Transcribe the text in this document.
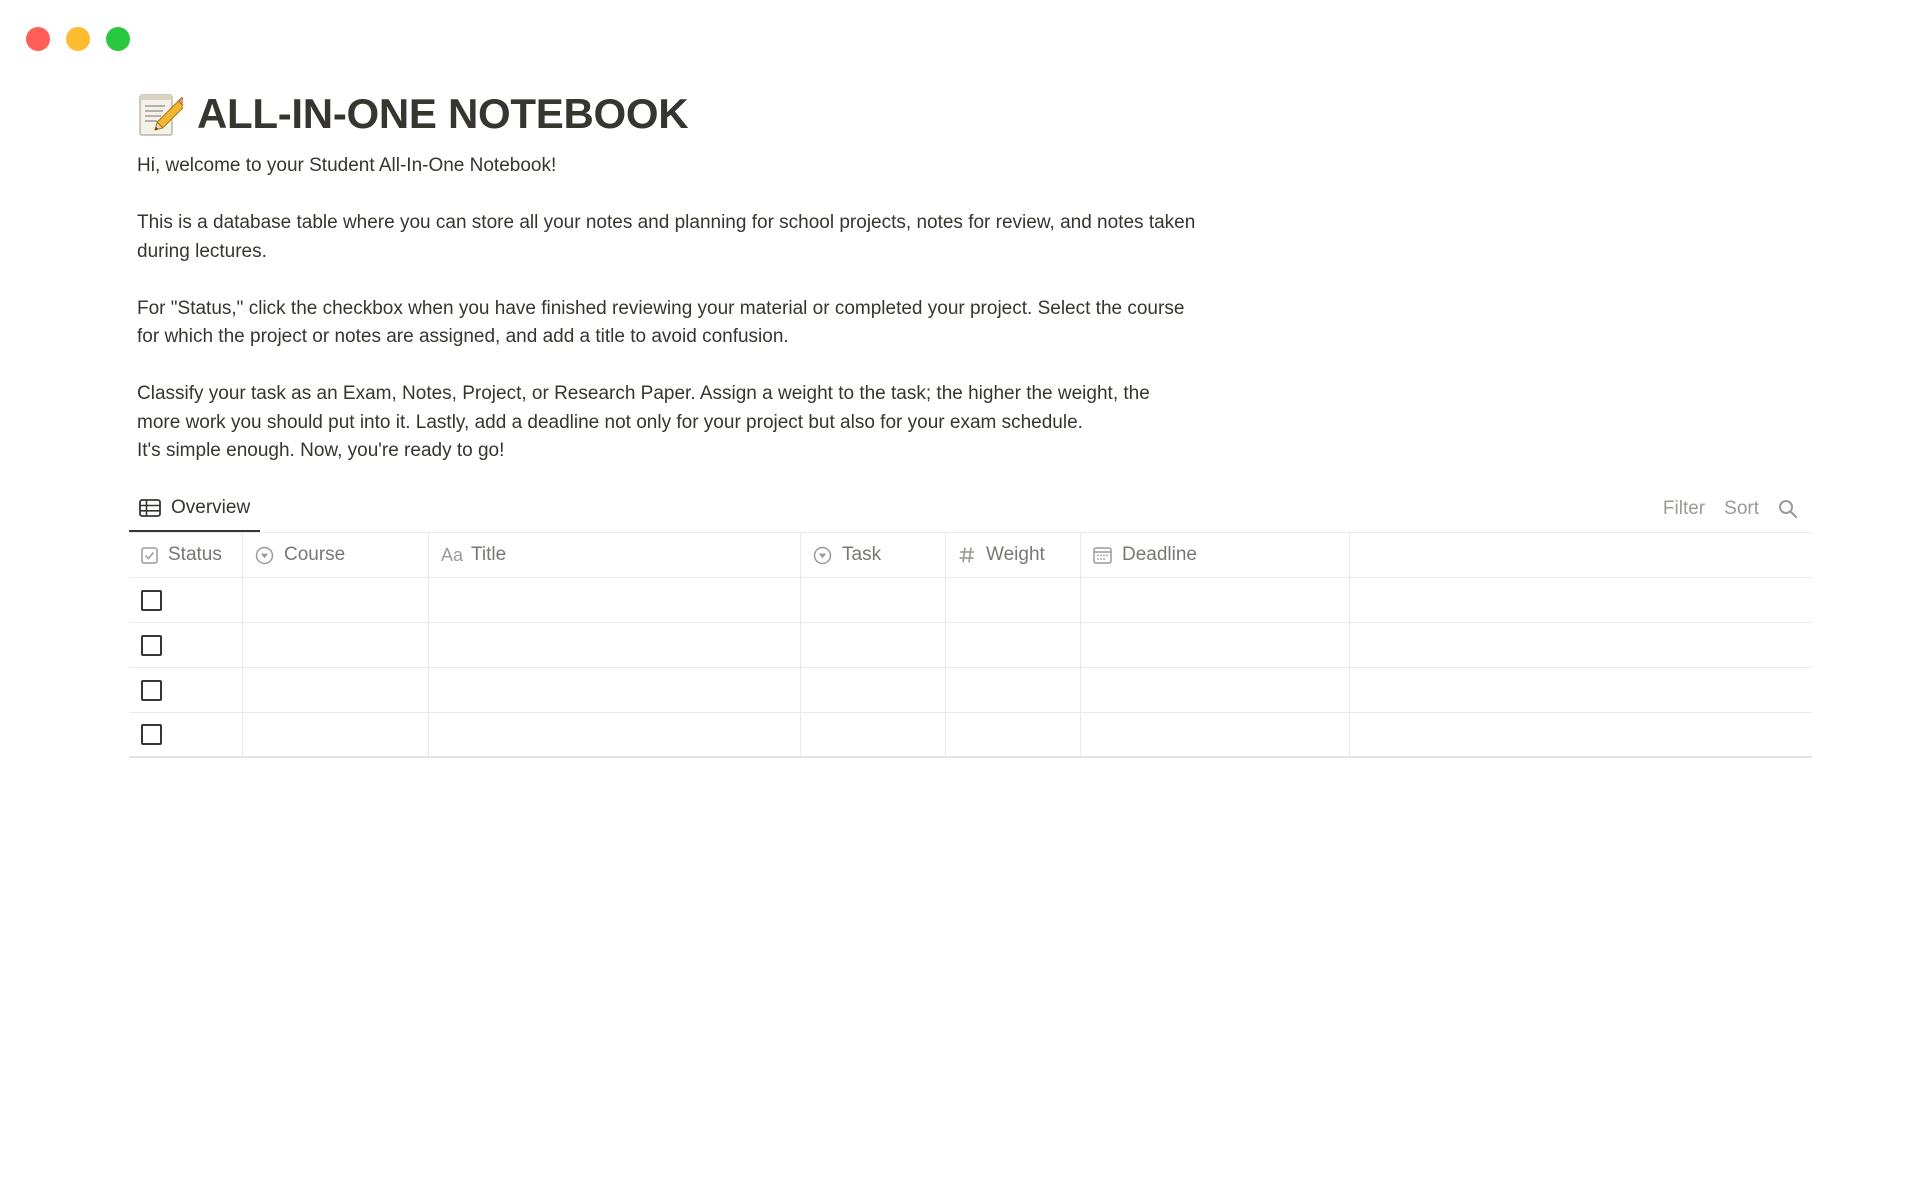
ALL-IN-ONE NOTEBOOK

Hi, welcome to your Student All-In-One Notebook!

This is a database table where you can store all your notes and planning for school projects, notes for review, and notes taken during lectures.

For "Status," click the checkbox when you have finished reviewing your material or completed your project. Select the course for which the project or notes are assigned, and add a title to avoid confusion.

Classify your task as an Exam, Notes, Project, or Research Paper. Assign a weight to the task; the higher the weight, the more work you should put into it. Lastly, add a deadline not only for your project but also for your exam schedule.

It's simple enough. Now, you're ready to go!

Overview	Filter Sort
Status	Course	Aa Title	Task	Weight	Deadline
